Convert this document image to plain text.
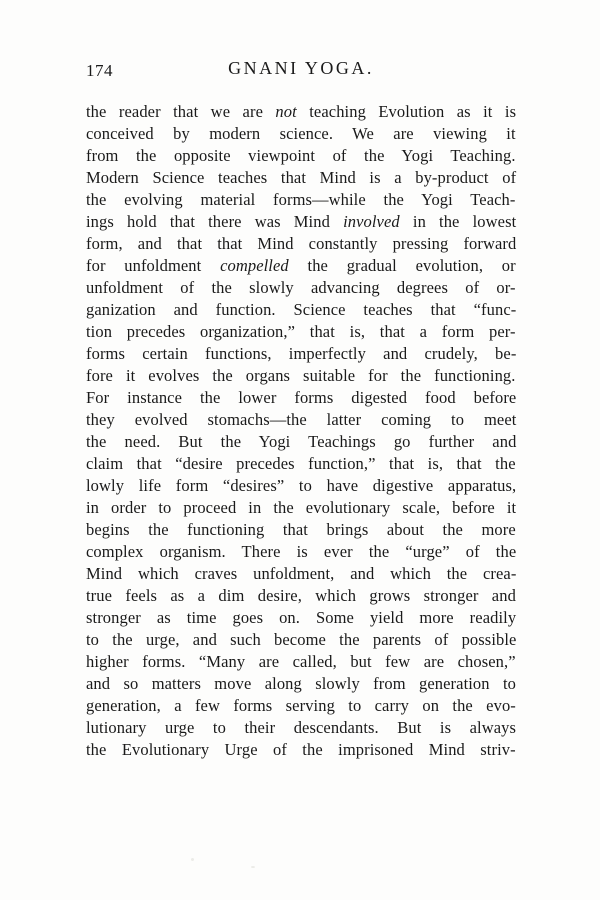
174	GNANI YOGA.
the reader that we are not teaching Evolution as it is
conceived by modern science. We are viewing it
from the opposite viewpoint of the Yogi Teaching.
Modern Science teaches that Mind is a by-product of
the evolving material forms—while the Yogi Teach-
ings hold that there was Mind involved in the lowest
form, and that that Mind constantly pressing forward
for unfoldment compelled the gradual evolution, or
unfoldment of the slowly advancing degrees of or-
ganization and function. Science teaches that “func-
tion precedes organization,” that is, that a form per-
forms certain functions, imperfectly and crudely, be-
fore it evolves the organs suitable for the functioning.
For instance the lower forms digested food before
they evolved stomachs—the latter coming to meet
the need. But the Yogi Teachings go further and
claim that “desire precedes function,” that is, that the
lowly life form “desires” to have digestive apparatus,
in order to proceed in the evolutionary scale, before it
begins the functioning that brings about the more
complex organism. There is ever the “urge” of the
Mind which craves unfoldment, and which the crea-
true feels as a dim desire, which grows stronger and
stronger as time goes on. Some yield more readily
to the urge, and such become the parents of possible
higher forms. “Many are called, but few are chosen,”
and so matters move along slowly from generation to
generation, a few forms serving to carry on the evo-
lutionary urge to their descendants. But is always
the Evolutionary Urge of the imprisoned Mind striv-
